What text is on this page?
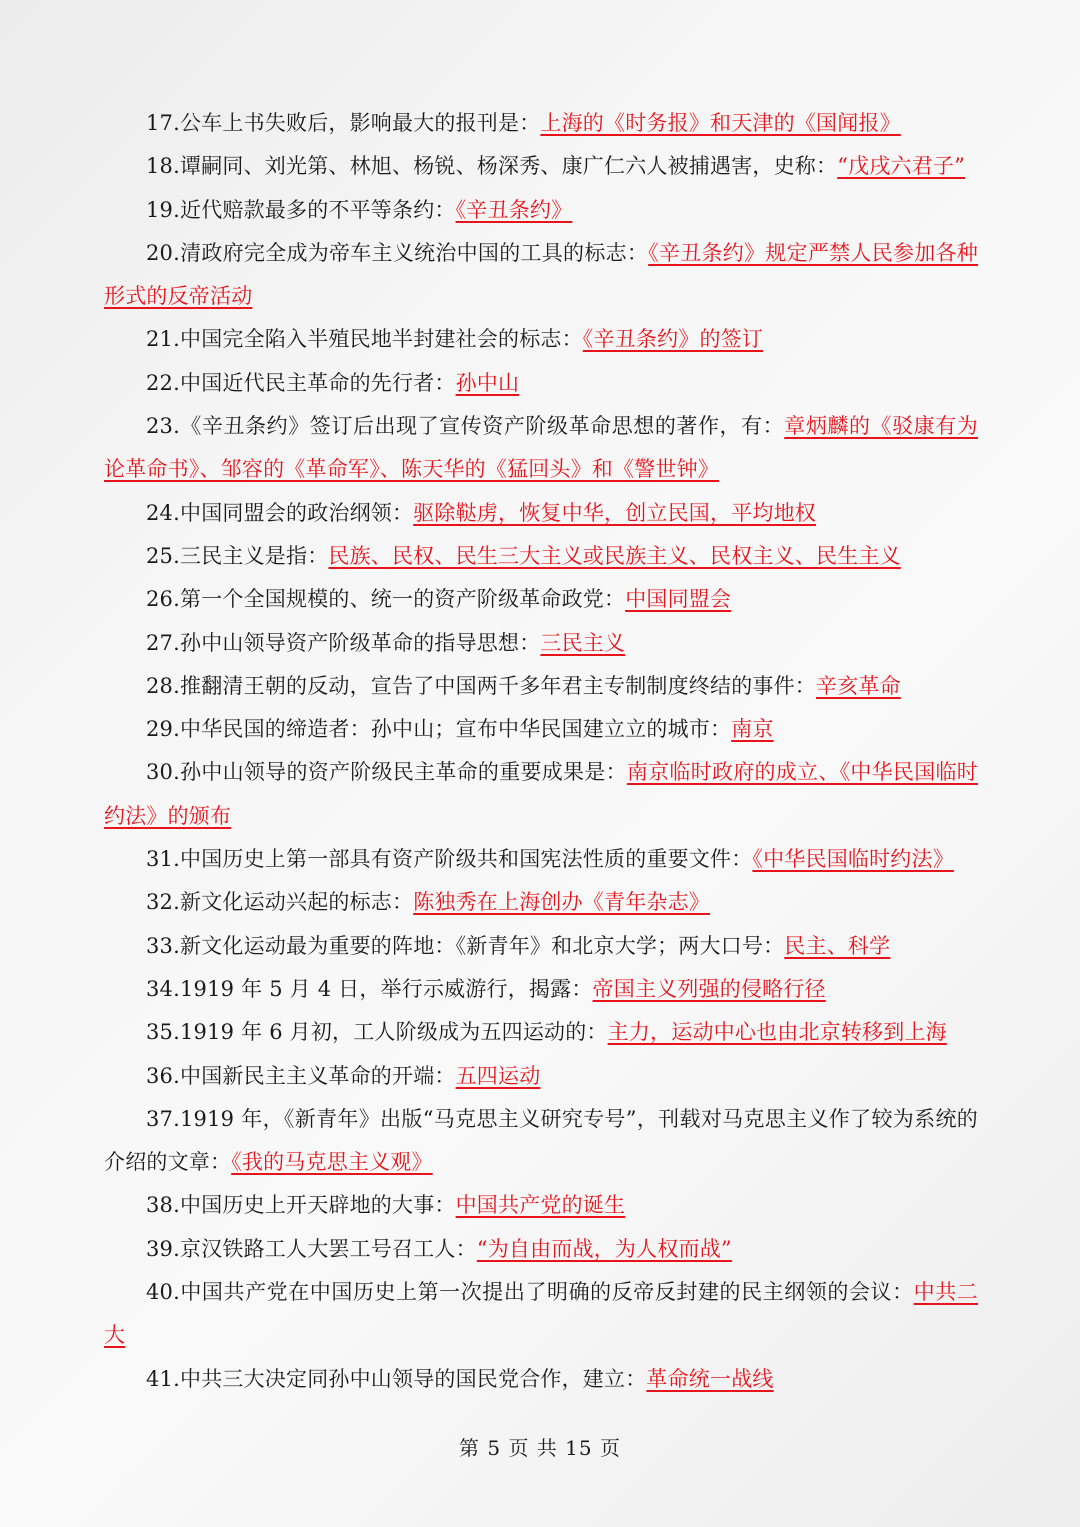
17.公车上书失败后，影响最大的报刊是：上海的《时务报》和天津的《国闻报》

18.谭嗣同、刘光第、林旭、杨锐、杨深秀、康广仁六人被捕遇害，史称：“戊戌六君子”

19.近代赔款最多的不平等条约：《辛丑条约》

20.清政府完全成为帝车主义统治中国的工具的标志：《辛丑条约》规定严禁人民参加各种形式的反帝活动

21.中国完全陷入半殖民地半封建社会的标志：《辛丑条约》的签订

22.中国近代民主革命的先行者：孙中山

23.《辛丑条约》签订后出现了宣传资产阶级革命思想的著作，有：章炳麟的《驳康有为论革命书》、邹容的《革命军》、陈天华的《猛回头》和《警世钟》

24.中国同盟会的政治纲领：驱除鞑虏，恢复中华，创立民国，平均地权

25.三民主义是指：民族、民权、民生三大主义或民族主义、民权主义、民生主义

26.第一个全国规模的、统一的资产阶级革命政党：中国同盟会

27.孙中山领导资产阶级革命的指导思想：三民主义

28.推翻清王朝的反动，宣告了中国两千多年君主专制制度终结的事件：辛亥革命

29.中华民国的缔造者：孙中山；宣布中华民国建立立的城市：南京

30.孙中山领导的资产阶级民主革命的重要成果是：南京临时政府的成立、《中华民国临时约法》的颁布

31.中国历史上第一部具有资产阶级共和国宪法性质的重要文件：《中华民国临时约法》

32.新文化运动兴起的标志：陈独秀在上海创办《青年杂志》

33.新文化运动最为重要的阵地：《新青年》和北京大学；两大口号：民主、科学

34.1919 年 5 月 4 日，举行示威游行，揭露：帝国主义列强的侵略行径

35.1919 年 6 月初，工人阶级成为五四运动的：主力，运动中心也由北京转移到上海

36.中国新民主主义革命的开端：五四运动

37.1919 年，《新青年》出版“马克思主义研究专号”，刊载对马克思主义作了较为系统的介绍的文章：《我的马克思主义观》

38.中国历史上开天辟地的大事：中国共产党的诞生

39.京汉铁路工人大罢工号召工人：“为自由而战，为人权而战”

40.中国共产党在中国历史上第一次提出了明确的反帝反封建的民主纲领的会议：中共二大

41.中共三大决定同孙中山领导的国民党合作，建立：革命统一战线

第 5 页 共 15 页
